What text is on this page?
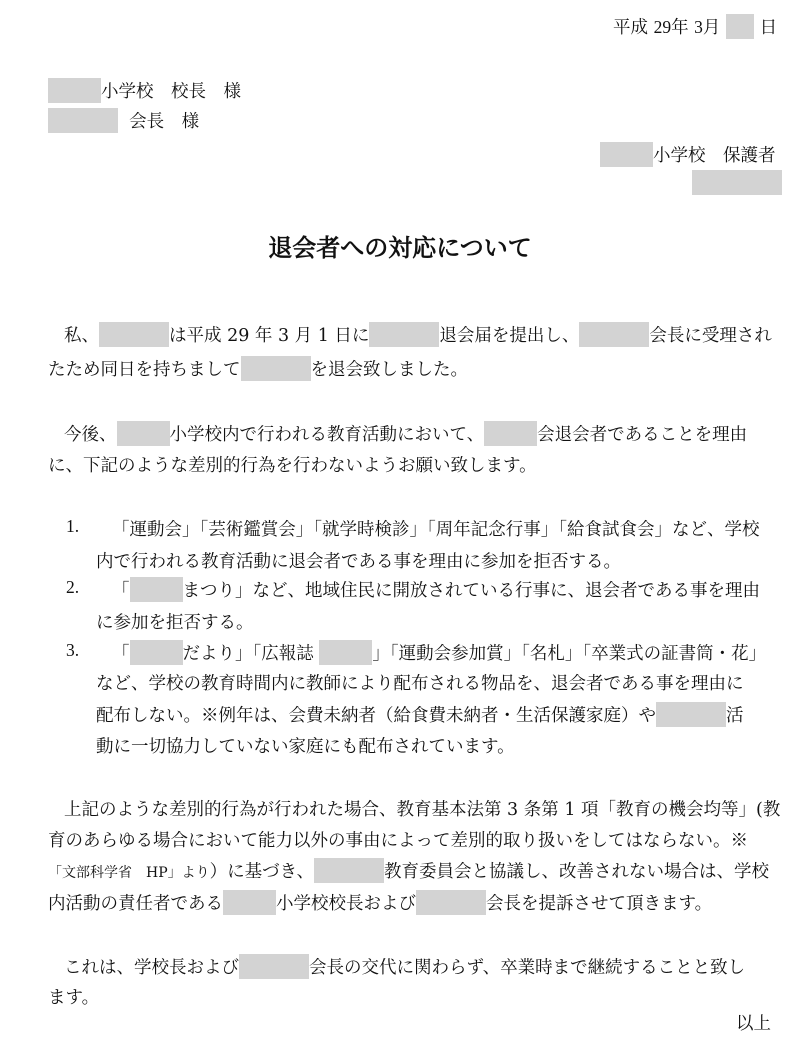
平成 29年 3月 日
小学校　校長　様
会長　様
小学校　保護者
退会者への対応について
私、	は平成 29 年 3 月 1 日に	退会届を提出し、	会長に受理され
たため同日を持ちまして	を退会致しました。
今後、	小学校内で行われる教育活動において、	会退会者であることを理由
に、下記のような差別的行為を行わないようお願い致します。
1. 「運動会」「芸術鑑賞会」「就学時検診」「周年記念行事」「給食試食会」など、学校
内で行われる教育活動に退会者である事を理由に参加を拒否する。
2. 「	まつり」など、地域住民に開放されている行事に、退会者である事を理由
に参加を拒否する。
3. 「	だより」「広報誌	」「運動会参加賞」「名札」「卒業式の証書筒・花」
など、学校の教育時間内に教師により配布される物品を、退会者である事を理由に
配布しない。※例年は、会費未納者（給食費未納者・生活保護家庭）や	活
動に一切協力していない家庭にも配布されています。
上記のような差別的行為が行われた場合、教育基本法第 3 条第 1 項「教育の機会均等」(教
育のあらゆる場合において能力以外の事由によって差別的取り扱いをしてはならない。※
「文部科学省　HP」より）に基づき、	教育委員会と協議し、改善されない場合は、学校
内活動の責任者である	小学校校長および	会長を提訴させて頂きます。
これは、学校長および	会長の交代に関わらず、卒業時まで継続することと致し
ます。
以上
